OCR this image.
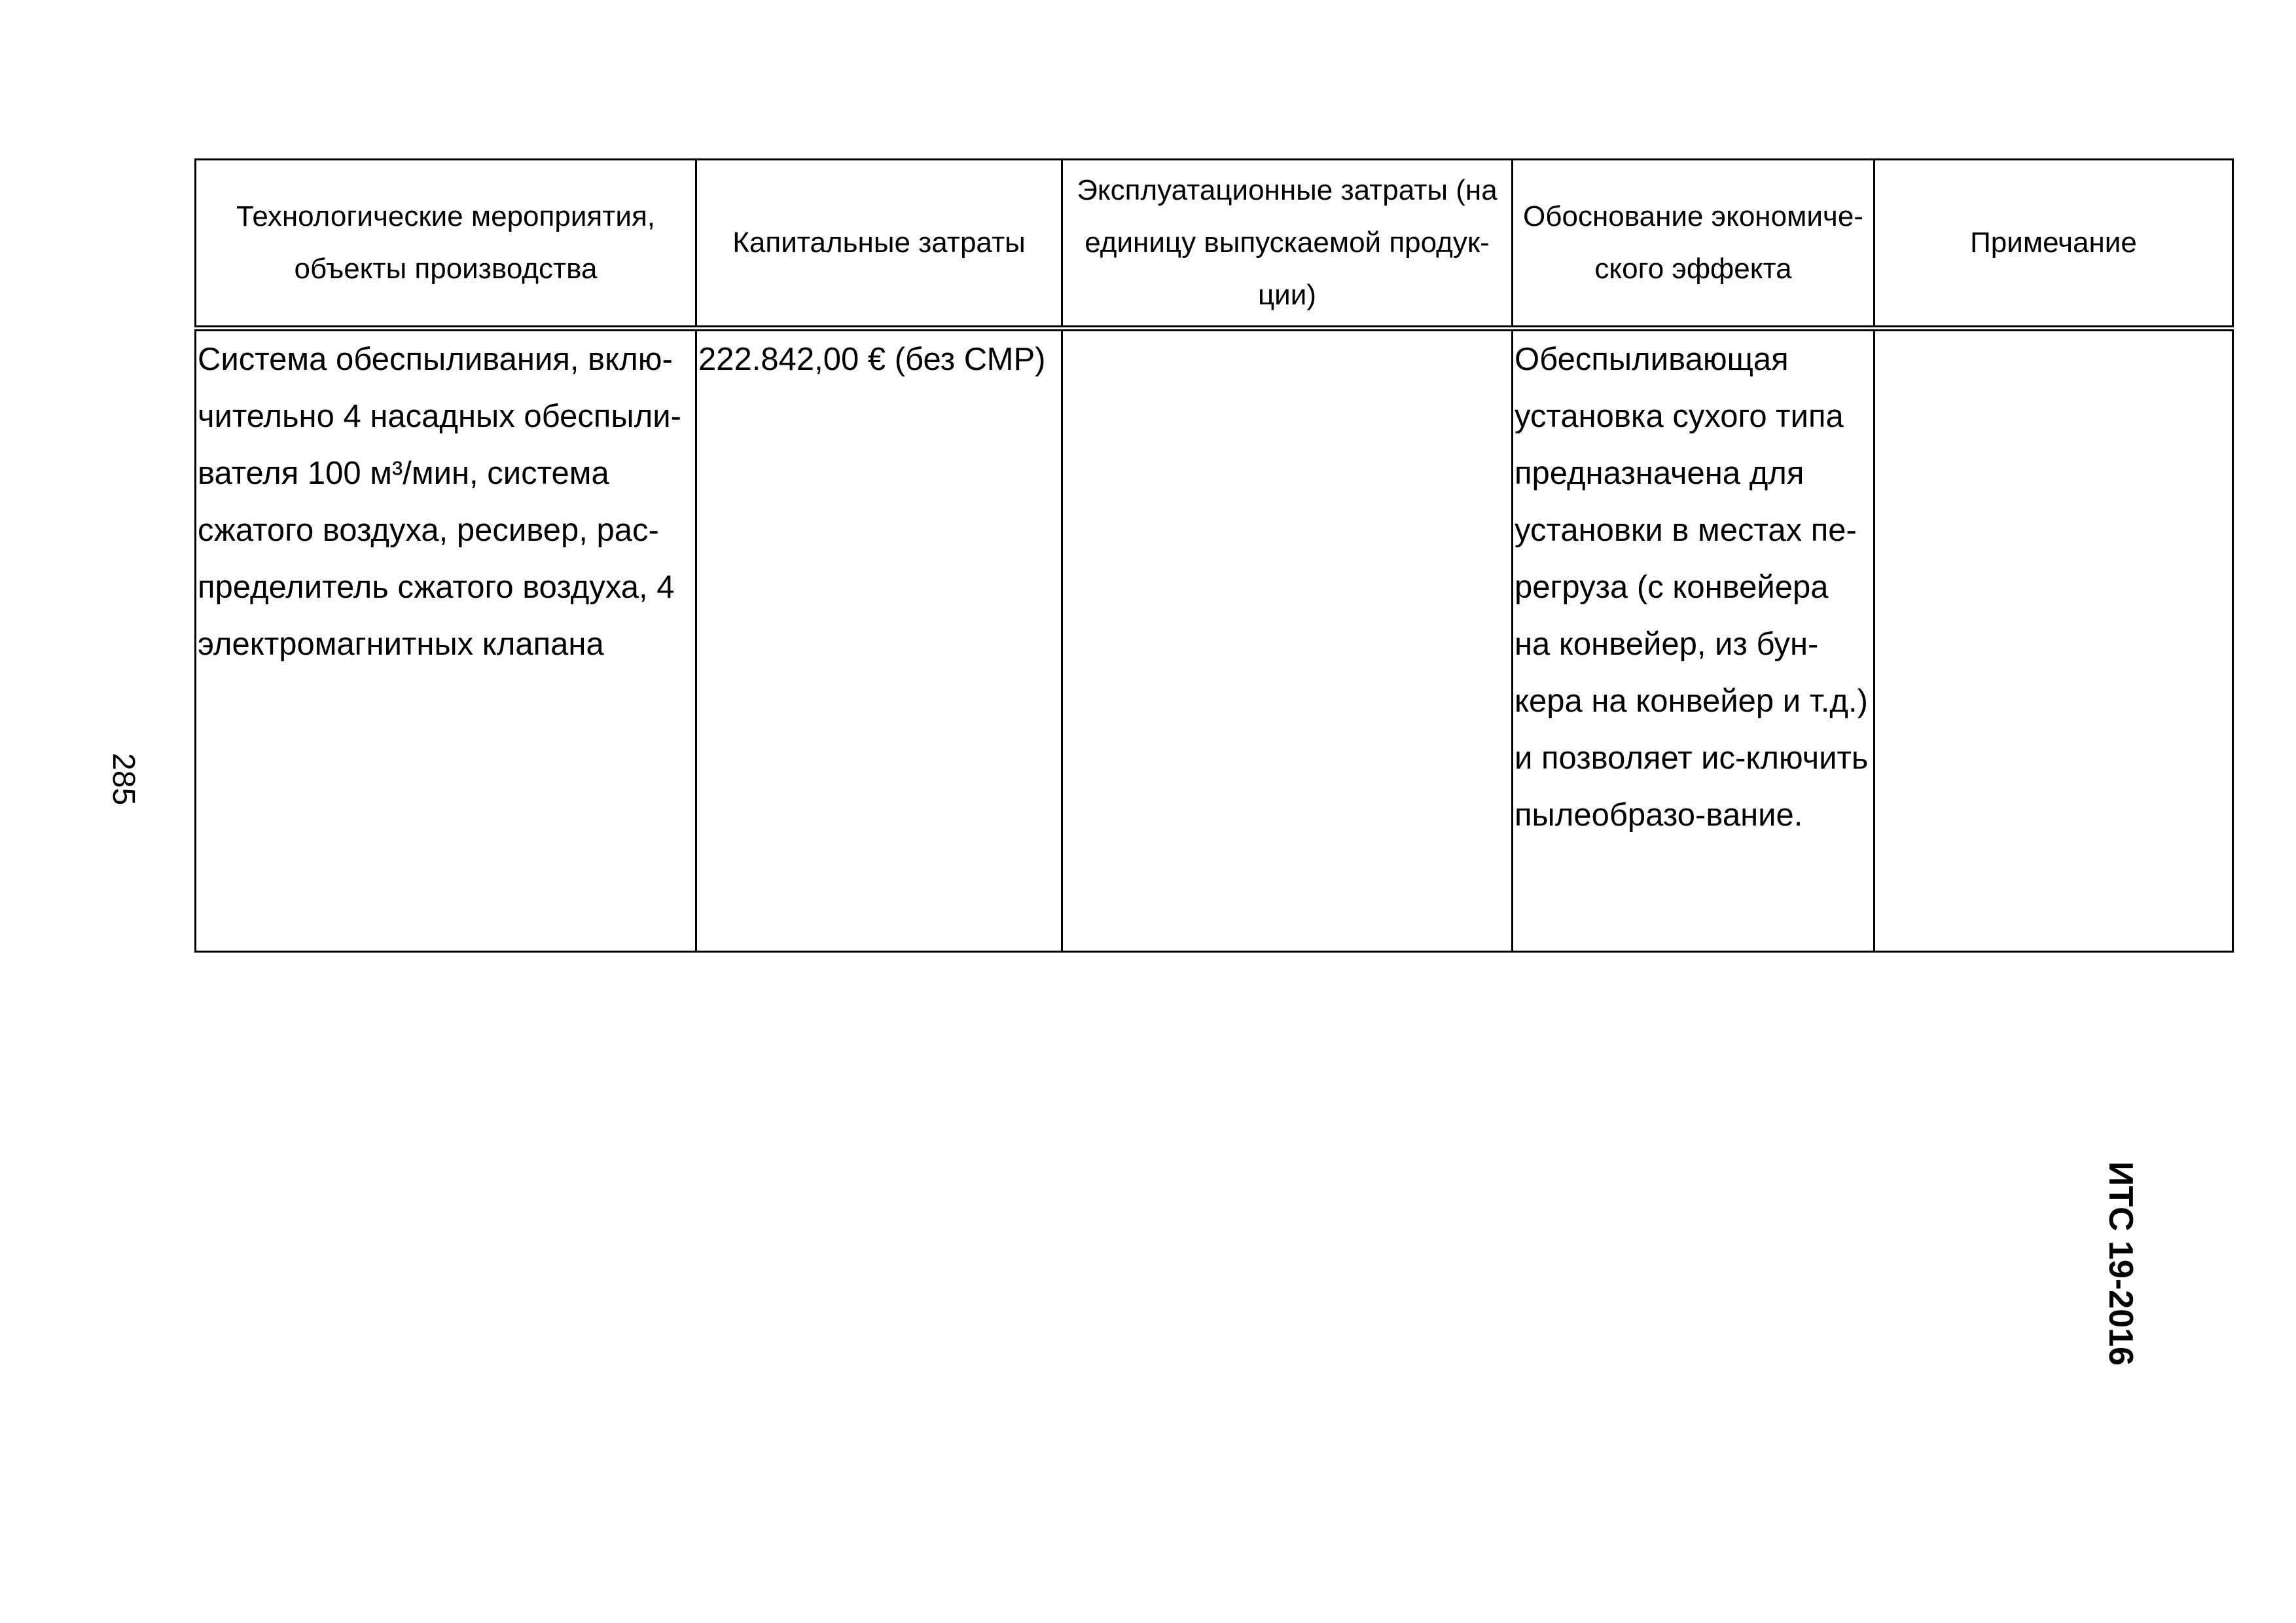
285
Технологические мероприятия, объекты производства	Капитальные затраты	Эксплуатационные затраты (на единицу выпускаемой продук-ции)	Обоснование экономиче-ского эффекта	Примечание

Система обеспыливания, вклю-чительно 4 насадных обеспыли-вателя 100 м³/мин, система сжатого воздуха, ресивер, рас-пределитель сжатого воздуха, 4 электромагнитных клапана	222.842,00 € (без СМР)		Обеспыливающая установка сухого типа предназначена для установки в местах пе-регруза (с конвейера на конвейер, из бун-кера на конвейер и т.д.) и позволяет ис-ключить пылеобразо-вание.	

ИТС 19-2016
